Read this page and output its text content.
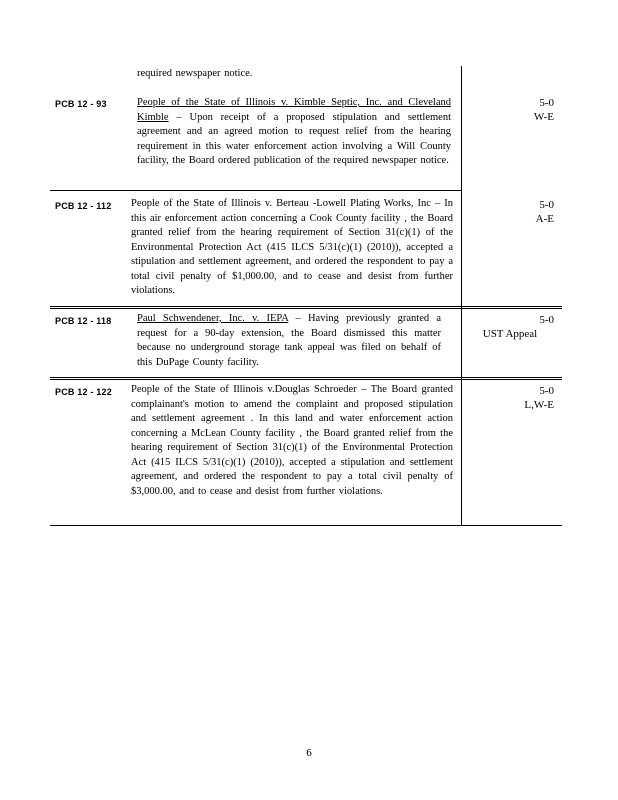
required newspaper notice.
PCB 12 - 93	People of the State of Illinois v. Kimble Septic, Inc. and Cleveland Kimble – Upon receipt of a proposed stipulation and settlement agreement and an agreed motion to request relief from the hearing requirement in this water enforcement action involving a Will County facility, the Board ordered publication of the required newspaper notice.
5-0
W-E
PCB 12 - 112 People of the State of Illinois v. Berteau -Lowell Plating Works, Inc – In this air enforcement action concerning a Cook County facility , the Board granted relief from the hearing requirement of Section 31(c)(1) of the Environmental Protection Act (415 ILCS 5/31(c)(1) (2010)), accepted a stipulation and settlement agreement, and ordered the respondent to pay a total civil penalty of $1,000.00, and to cease and desist from further violations.
5-0
A-E
PCB 12 - 118 Paul Schwendener, Inc. v. IEPA – Having previously granted a request for a 90-day extension, the Board dismissed this matter because no underground storage tank appeal was filed on behalf of this DuPage County facility.
5-0
UST Appeal
PCB 12 - 122 People of the State of Illinois v.Douglas Schroeder – The Board granted complainant's motion to amend the complaint and proposed stipulation and settlement agreement . In this land and water enforcement action concerning a McLean County facility , the Board granted relief from the hearing requirement of Section 31(c)(1) of the Environmental Protection Act (415 ILCS 5/31(c)(1) (2010)), accepted a stipulation and settlement agreement, and ordered the respondent to pay a total civil penalty of $3,000.00, and to cease and desist from further violations.
5-0
L,W-E
6
